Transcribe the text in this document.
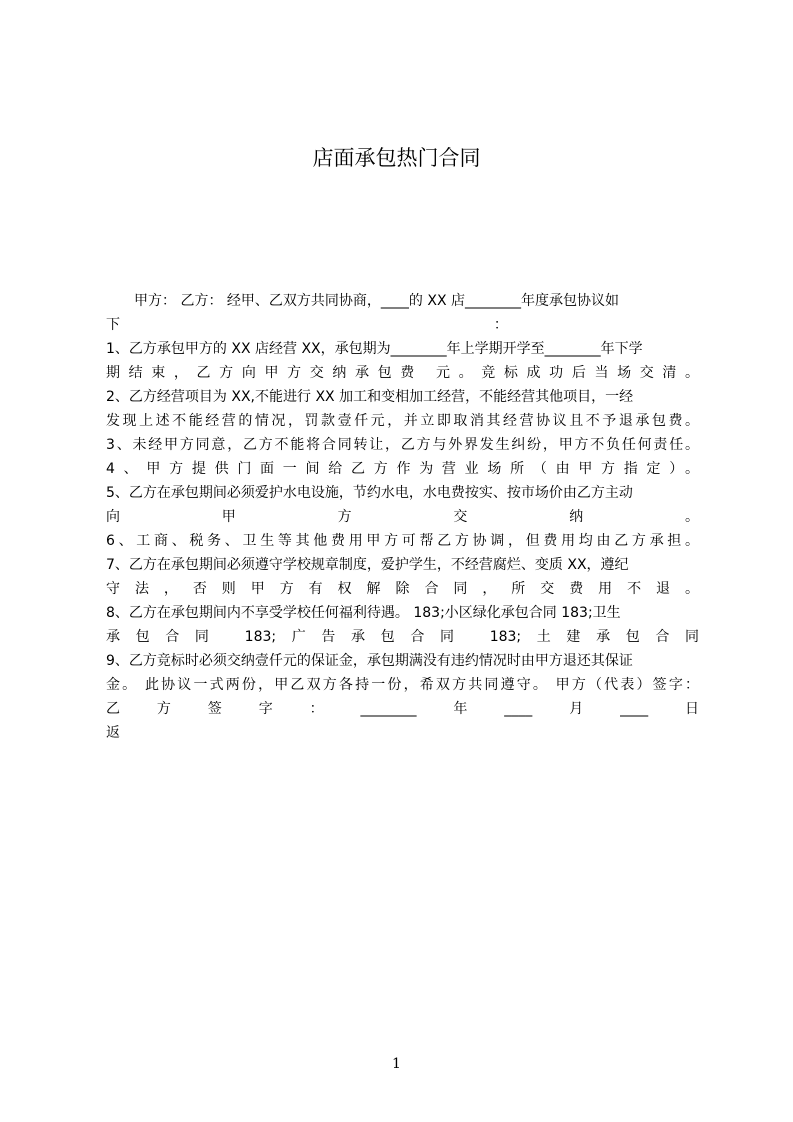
店面承包热门合同
甲方： 乙方： 经甲、乙双方共同协商，____的 XX 店________年度承包协议如
下                                                                                    ：
1、乙方承包甲方的 XX 店经营 XX，承包期为________年上学期开学至________年下学
期结束，乙方向甲方交纳承包费 元。竞标成功后当场交清。
2、乙方经营项目为 XX,不能进行 XX 加工和变相加工经营，不能经营其他项目，一经
发现上述不能经营的情况，罚款壹仟元，并立即取消其经营协议且不予退承包费。
3、未经甲方同意，乙方不能将合同转让，乙方与外界发生纠纷，甲方不负任何责任。
4、甲方提供门面一间给乙方作为营业场所（由甲方指定）。
5、乙方在承包期间必须爱护水电设施，节约水电，水电费按实、按市场价由乙方主动
向 甲 方 交 纳 。
6、工商、税务、卫生等其他费用甲方可帮乙方协调，但费用均由乙方承担。
7、乙方在承包期间必须遵守学校规章制度，爱护学生，不经营腐烂、变质 XX，遵纪
守法，否则甲方有权解除合同，所交费用不退。
8、乙方在承包期间内不享受学校任何福利待遇。 183;小区绿化承包合同 183;卫生
承包合同 183;广告承包合同 183;土建承包合同
9、乙方竞标时必须交纳壹仟元的保证金，承包期满没有违约情况时由甲方退还其保证
金。 此协议一式两份，甲乙双方各持一份，希双方共同遵守。 甲方（代表）签字：
乙方签字：________年____月____日
返
1
